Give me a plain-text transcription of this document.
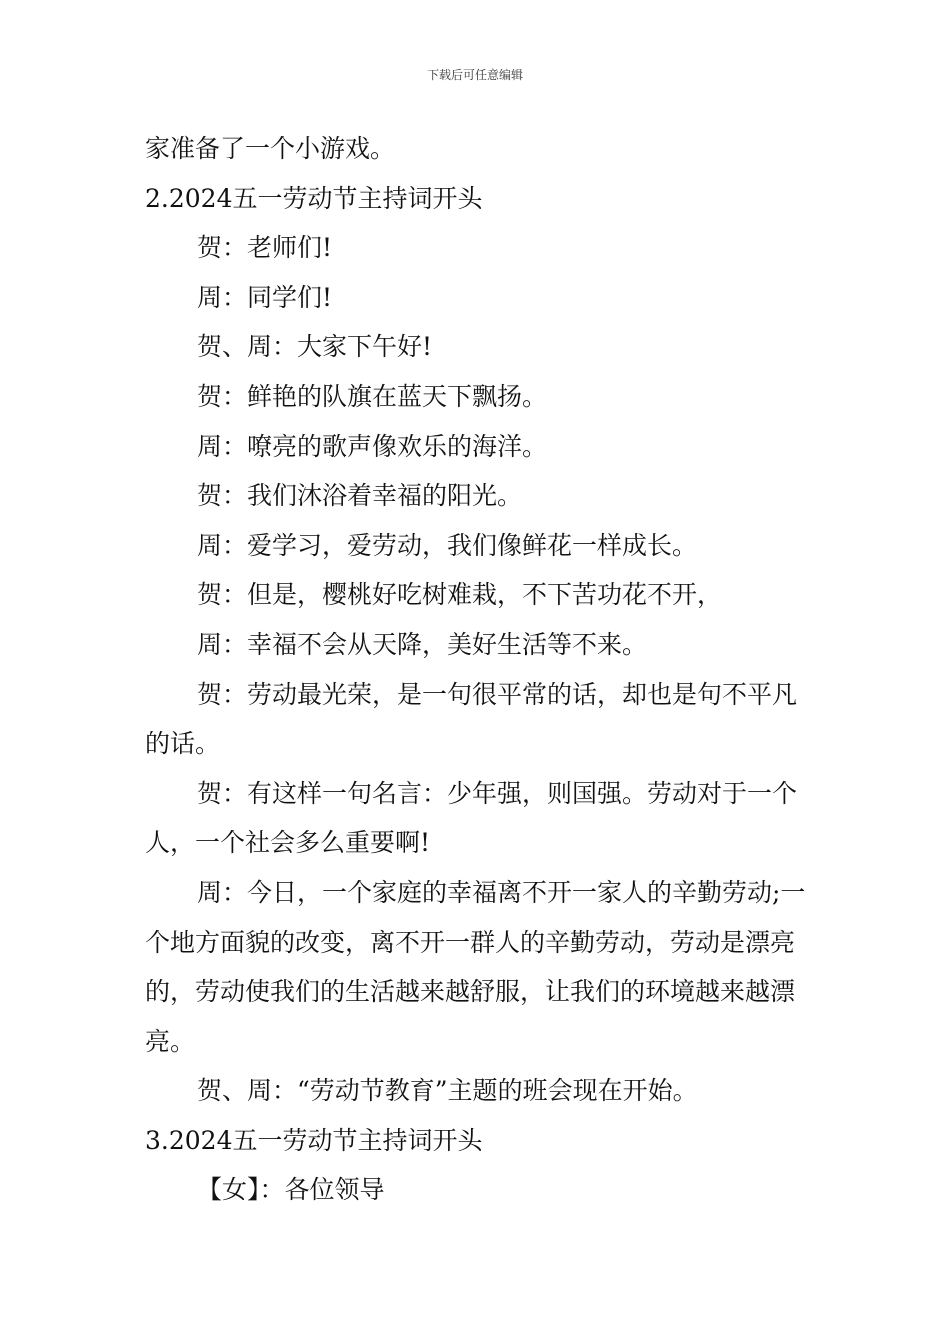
下载后可任意编辑

家准备了一个小游戏。

2.2024五一劳动节主持词开头

贺：老师们!

周：同学们!

贺、周：大家下午好!

贺：鲜艳的队旗在蓝天下飘扬。

周：嘹亮的歌声像欢乐的海洋。

贺：我们沐浴着幸福的阳光。

周：爱学习，爱劳动，我们像鲜花一样成长。

贺：但是，樱桃好吃树难栽，不下苦功花不开，

周：幸福不会从天降，美好生活等不来。

贺：劳动最光荣，是一句很平常的话，却也是句不平凡的话。

贺：有这样一句名言：少年强，则国强。劳动对于一个人，一个社会多么重要啊!

周：今日，一个家庭的幸福离不开一家人的辛勤劳动;一个地方面貌的改变，离不开一群人的辛勤劳动，劳动是漂亮的，劳动使我们的生活越来越舒服，让我们的环境越来越漂亮。

贺、周：“劳动节教育”主题的班会现在开始。

3.2024五一劳动节主持词开头

【女】：各位领导
